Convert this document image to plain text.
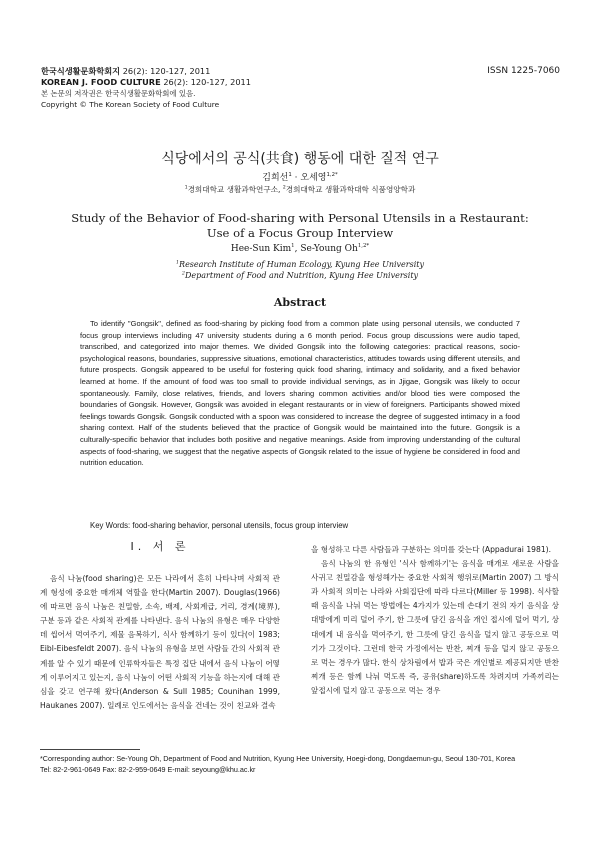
한국식생활문화학회지 26(2): 120-127, 2011
KOREAN J. FOOD CULTURE 26(2): 120-127, 2011
본 논문의 저작권은 한국식생활문화학회에 있음.
Copyright © The Korean Society of Food Culture
ISSN 1225-7060
식당에서의 공식(共食) 행동에 대한 질적 연구
김희선$^1$ · 오세영$^{1,2*}$
$^1$경희대학교 생활과학연구소, $^2$경희대학교 생활과학대학 식품영양학과
Study of the Behavior of Food-sharing with Personal Utensils in a Restaurant:
Use of a Focus Group Interview
Hee-Sun Kim$^1$, Se-Young $Oh^{1,2*}$
$^1$Research Institute of Human Ecology, Kyung Hee University
$^2$Department of Food and Nutrition, Kyung Hee University
Abstract
To identify "Gongsik", defined as food-sharing by picking food from a common plate using personal utensils, we conducted 7 focus group interviews including 47 university students during a 6 month period. Focus group discussions were audio taped, transcribed, and categorized into major themes. We divided Gongsik into the following categories: practical reasons, socio-psychological reasons, boundaries, suppressive situations, emotional characteristics, attitudes towards using different utensils, and future prospects. Gongsik appeared to be useful for fostering quick food sharing, intimacy and solidarity, and a fixed behavior learned at home. If the amount of food was too small to provide individual servings, as in Jjigae, Gongsik was likely to occur spontaneously. Family, close relatives, friends, and lovers sharing common activities and/or blood ties were composed the boundaries of Gongsik. However, Gongsik was avoided in elegant restaurants or in view of foreigners. Participants showed mixed feelings towards Gongsik. Gongsik conducted with a spoon was considered to increase the degree of suggested intimacy in a food sharing context. Half of the students believed that the practice of Gongsik would be maintained into the future. Gongsik is a culturally-specific behavior that includes both positive and negative meanings. Aside from improving understanding of the cultural aspects of food-sharing, we suggest that the negative aspects of Gongsik related to the issue of hygiene be considered in food and nutrition education.
Key Words: food-sharing behavior, personal utensils, focus group interview
I. 서 론

음식 나눔(food sharing)은 모든 나라에서 흔히 나타나며 사회적 관계 형성에 중요한 매개체 역할을 한다(Martin 2007). Douglas(1966)에 따르면 음식 나눔은 친밀함, 소속, 배제, 사회계급, 거리, 경계(境界), 구분 등과 같은 사회적 관계를 나타낸다. 음식 나눔의 유형은 매우 다양한데 씹어서 먹여주기, 제물 음복하기, 식사 함께하기 등이 있다(이 1983; Eibl-Eibesfeldt 2007). 음식 나눔의 유형을 보면 사람들 간의 사회적 관계를 알 수 있기 때문에 인류학자들은 특정 집단 내에서 음식 나눔이 어떻게 이루어지고 있는지, 음식 나눔이 어떤 사회적 기능을 하는지에 대해 관심을 갖고 연구해 왔다(Anderson & Sull 1985; Counihan 1999, Haukanes 2007). 일례로 인도에서는 음식을 건네는 것이 친교와 결속

을 형성하고 다른 사람들과 구분하는 의미를 갖는다 (Appadurai 1981).

음식 나눔의 한 유형인 '식사 함께하기'는 음식을 매개로 새로운 사람을 사귀고 친밀감을 형성해가는 중요한 사회적 행위로(Martin 2007) 그 방식과 사회적 의미는 나라와 사회집단에 따라 다르다(Miller 등 1998). 식사할 때 음식을 나눠 먹는 방법에는 4가지가 있는데 손대기 전의 자기 음식을 상대방에게 미리 덜어 주기, 한 그릇에 담긴 음식을 개인 접시에 덜어 먹기, 상대에게 내 음식을 먹여주기, 한 그릇에 담긴 음식을 덜지 않고 공동으로 먹기가 그것이다. 그런데 한국 가정에서는 반찬, 찌개 등을 덜지 않고 공동으로 먹는 경우가 많다. 한식 상차림에서 밥과 국은 개인별로 제공되지만 반찬 찌개 등은 함께 나눠 먹도록 즉, 공유(share)하도록 차려지며 가족끼리는 앞접시에 덜지 않고 공동으로 먹는 경우

*Corresponding author: Se-Young Oh, Department of Food and Nutrition, Kyung Hee University, Hoegi-dong, Dongdaemun-gu, Seoul 130-701, Korea
Tel: 82-2-961-0649 Fax: 82-2-959-0649 E-mail: seyoung@khu.ac.kr
